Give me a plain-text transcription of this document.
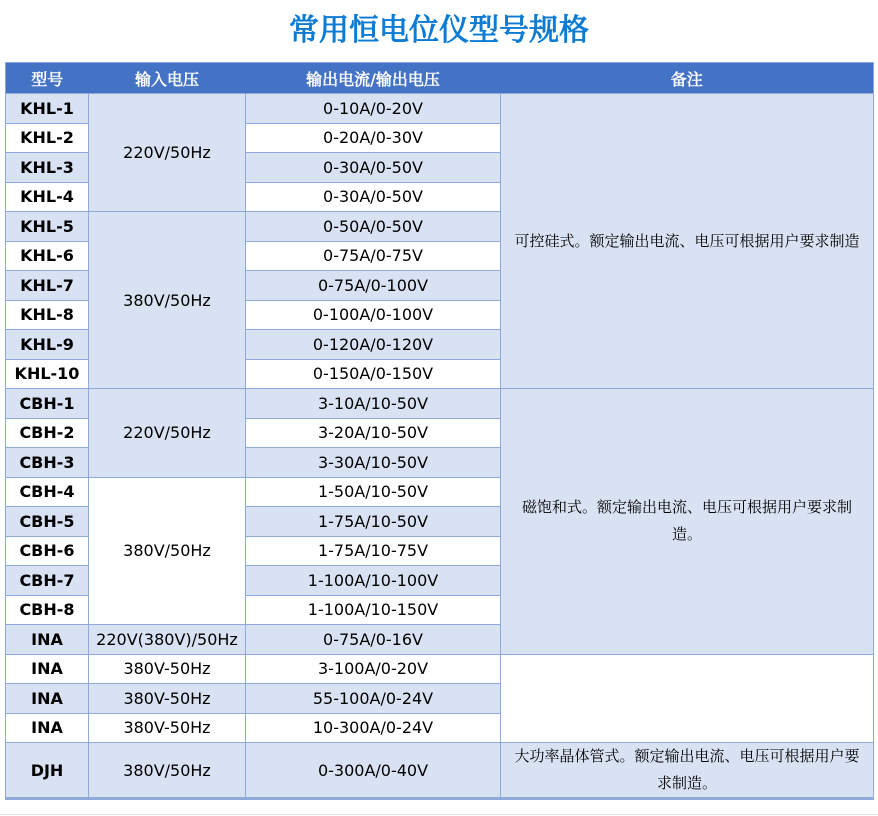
常用恒电位仪型号规格
型号	输入电压	输出电流/输出电压	备注
KHL-1	220V/50Hz	0-10A/0-20V	可控硅式。额定输出电流、电压可根据用户要求制造
KHL-2		0-20A/0-30V	
KHL-3		0-30A/0-50V	
KHL-4		0-30A/0-50V	
KHL-5	380V/50Hz	0-50A/0-50V	
KHL-6		0-75A/0-75V	
KHL-7		0-75A/0-100V	
KHL-8		0-100A/0-100V	
KHL-9		0-120A/0-120V	
KHL-10		0-150A/0-150V	
CBH-1	220V/50Hz	3-10A/10-50V	磁饱和式。额定输出电流、电压可根据用户要求制造。
CBH-2		3-20A/10-50V	
CBH-3		3-30A/10-50V	
CBH-4	380V/50Hz	1-50A/10-50V	
CBH-5		1-75A/10-50V	
CBH-6		1-75A/10-75V	
CBH-7		1-100A/10-100V	
CBH-8		1-100A/10-150V	
INA	220V(380V)/50Hz	0-75A/0-16V	
INA	380V-50Hz	3-100A/0-20V	
INA	380V-50Hz	55-100A/0-24V	
INA	380V-50Hz	10-300A/0-24V	
DJH	380V/50Hz	0-300A/0-40V	大功率晶体管式。额定输出电流、电压可根据用户要求制造。
